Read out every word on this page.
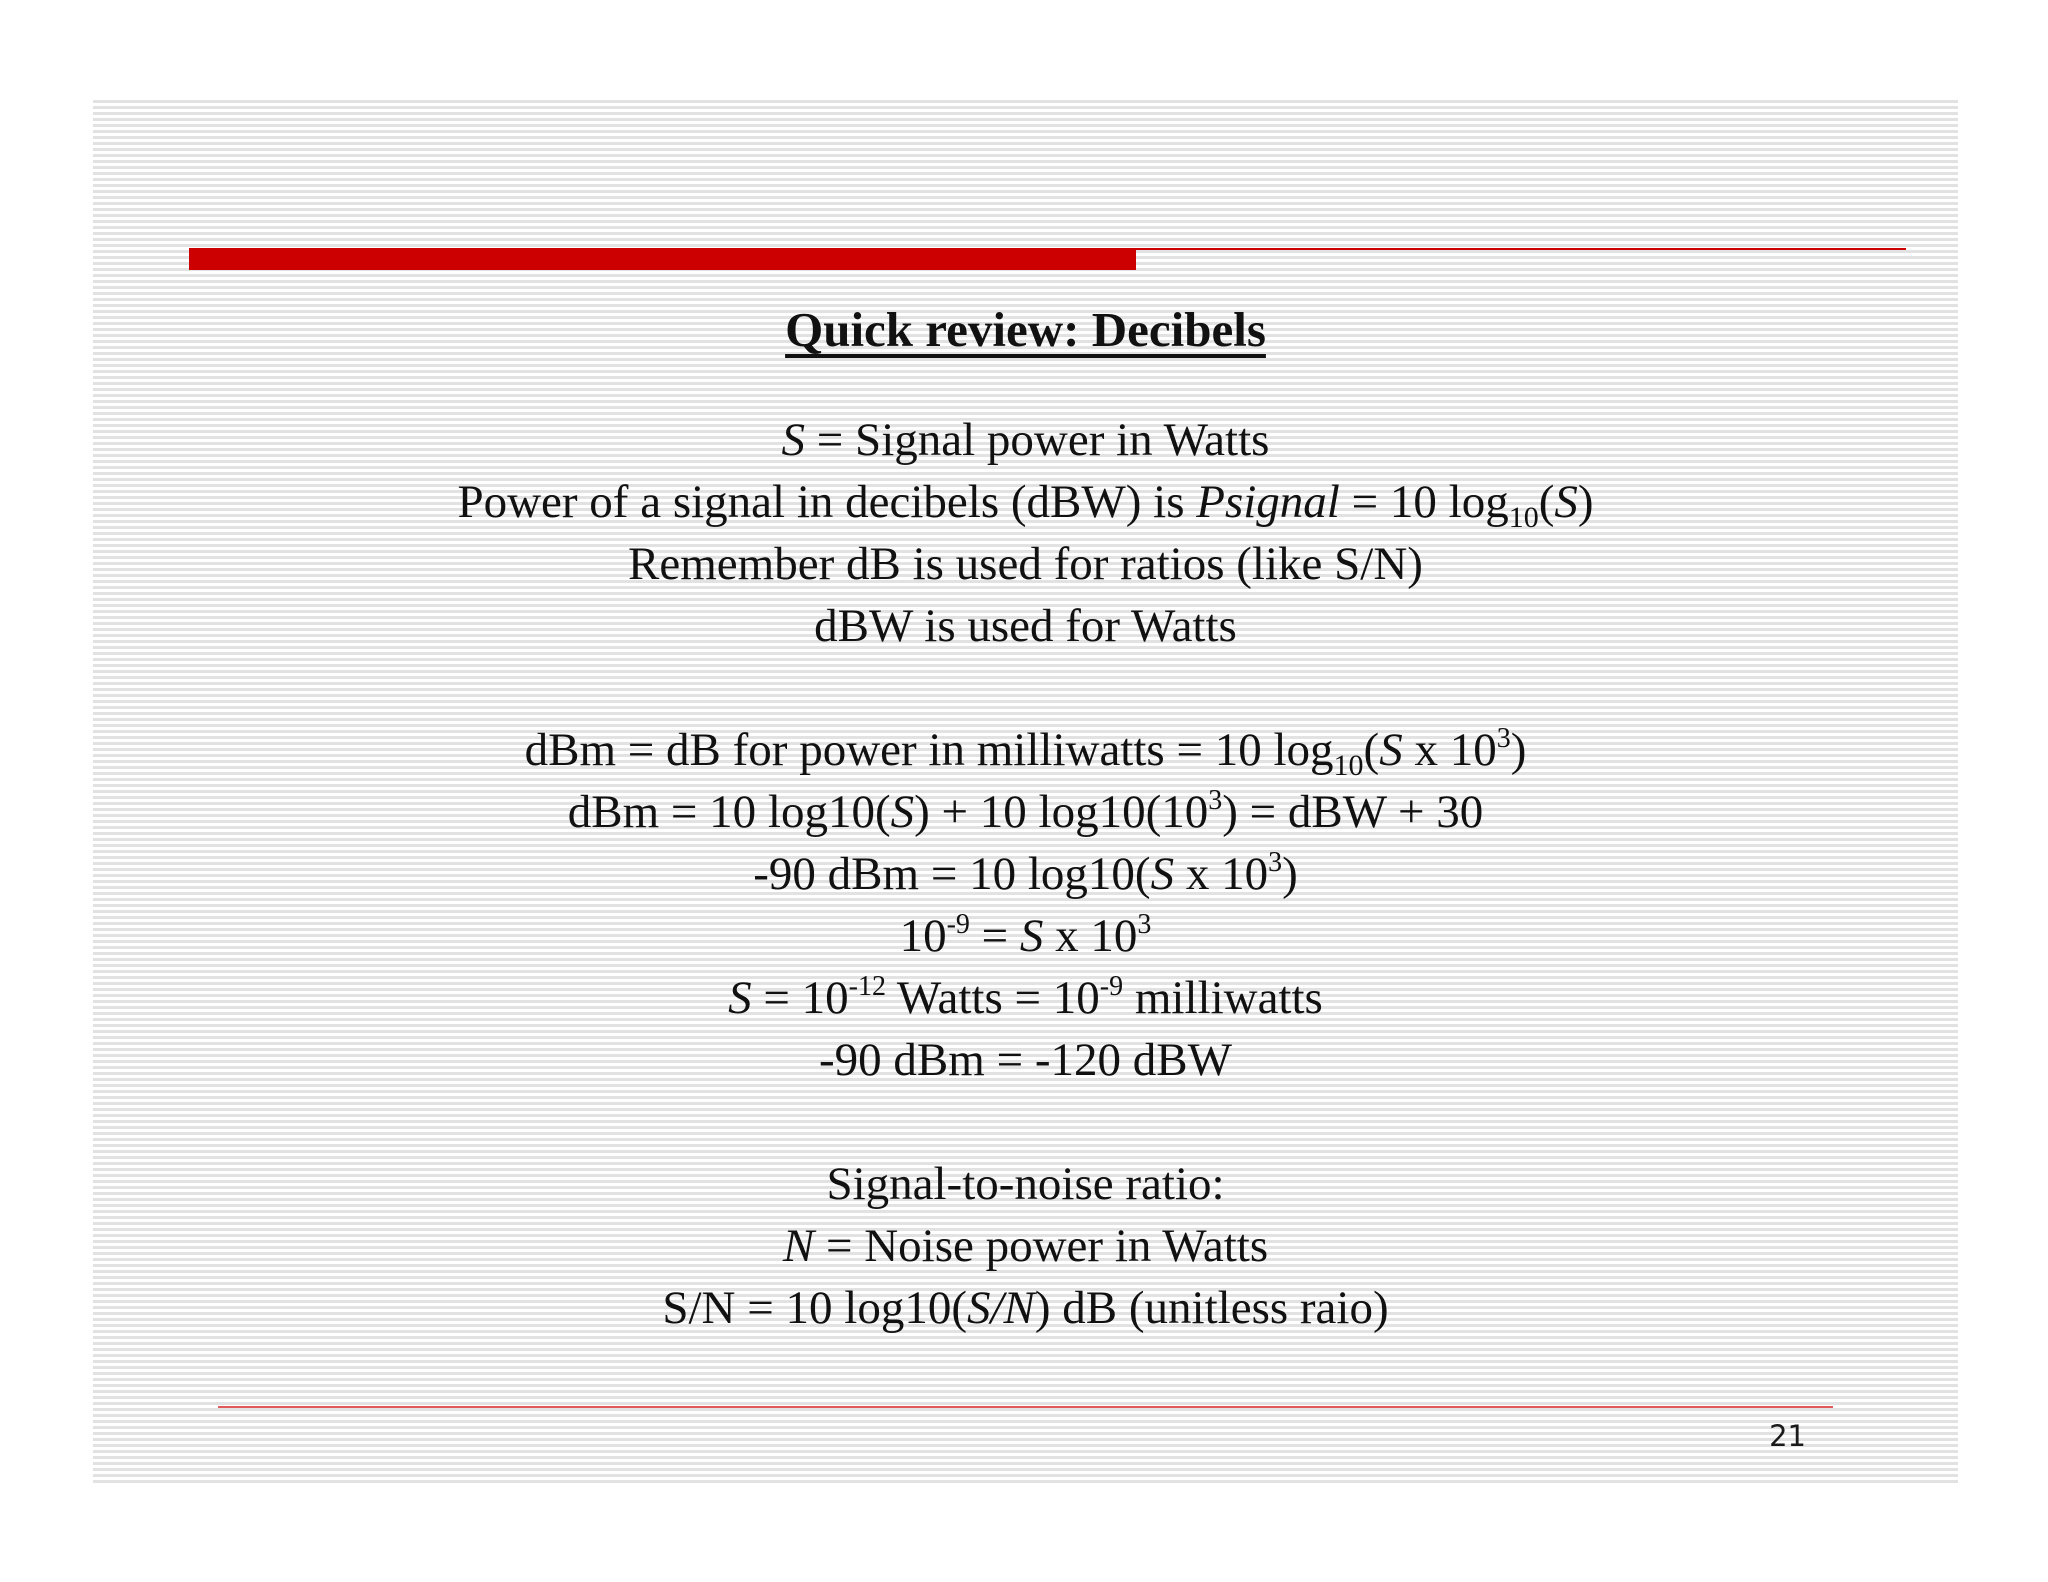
Quick review: Decibels
S = Signal power in Watts
Power of a signal in decibels (dBW) is Psignal = 10 $\log_{10}(S)$
Remember dB is used for ratios (like S/N)
dBW is used for Watts
dBm = dB for power in milliwatts = 10 $\log_{10}(S$ x $10^3$)
dBm = 10 log10(S) + 10 $\log 10(10^3)$ = dBW + 30
-90 dBm = 10 log10(S x $10^3$)
$10^{-9} = S$ x $10^3$
$S = 10^{-12}$ Watts = $10^{-9}$ milliwatts
-90 dBm = -120 dBW
Signal-to-noise ratio:
N = Noise power in Watts
S/N = 10 log10(S/N) dB (unitless raio)
21
